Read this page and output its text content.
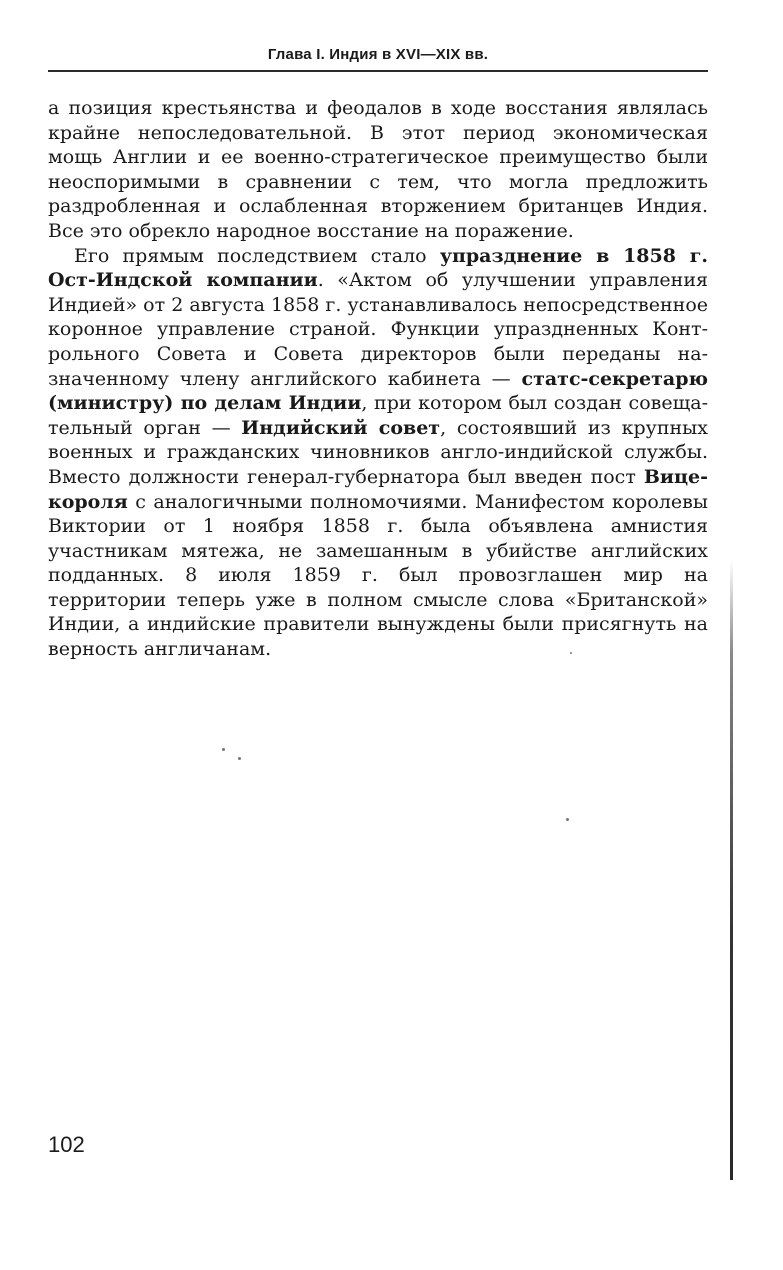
Глава I. Индия в XVI—XIX вв.

а позиция крестьянства и феодалов в ходе восстания являлась крайне непоследовательной. В этот период экономическая мощь Англии и ее военно-стратегическое преимущество были неоспоримыми в сравнении с тем, что могла предложить раздробленная и ослабленная вторжением британцев Индия. Все это обрекло народное восстание на поражение.

Его прямым последствием стало упразднение в 1858 г. Ост-Индской компании. «Актом об улучшении управления Индией» от 2 августа 1858 г. устанавливалось непосредственное коронное управление страной. Функции упраздненных Контрольного Совета и Совета директоров были переданы назначенному члену английского кабинета — статс-секретарю (министру) по делам Индии, при котором был создан совещательный орган — Индийский совет, состоявший из крупных военных и гражданских чиновников англо-индийской службы. Вместо должности генерал-губернатора был введен пост Вице-короля с аналогичными полномочиями. Манифестом королевы Виктории от 1 ноября 1858 г. была объявлена амнистия участникам мятежа, не замешанным в убийстве английских подданных. 8 июля 1859 г. был провозглашен мир на территории теперь уже в полном смысле слова «Британской» Индии, а индийские правители вынуждены были присягнуть на верность англичанам.

102
